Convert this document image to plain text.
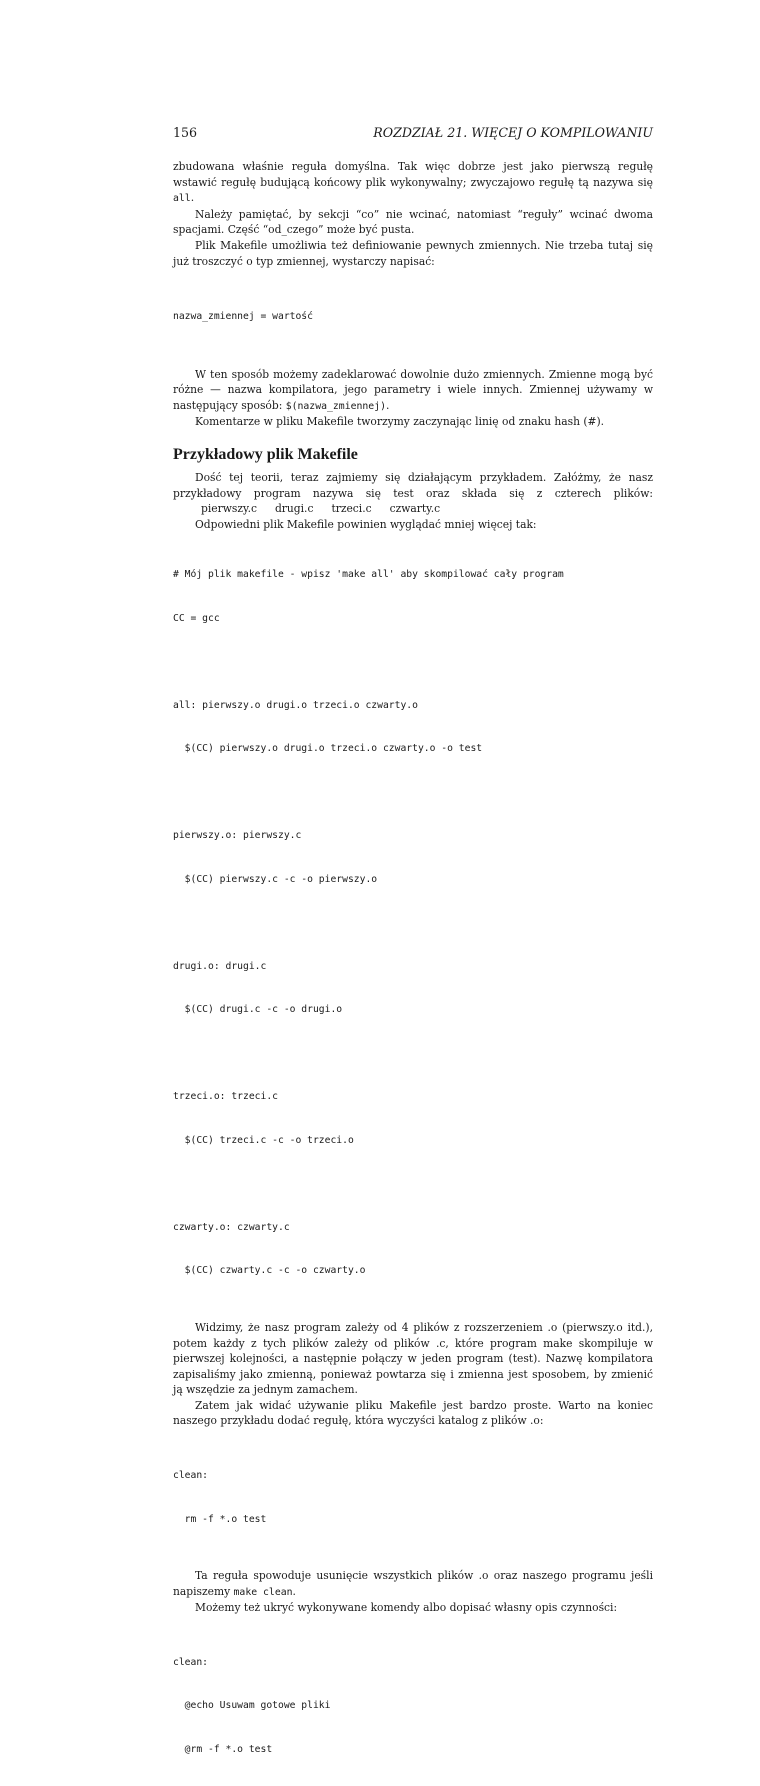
156	ROZDZIAŁ 21. WIĘCEJ O KOMPILOWANIU

zbudowana właśnie reguła domyślna. Tak więc dobrze jest jako pierwszą regułę wstawić regułę budującą końcowy plik wykonywalny; zwyczajowo regułę tą nazywa się all.

Należy pamiętać, by sekcji “co” nie wcinać, natomiast “reguły” wcinać dwoma spacjami. Część “od_czego” może być pusta.

Plik Makefile umożliwia też definiowanie pewnych zmiennych. Nie trzeba tutaj się już troszczyć o typ zmiennej, wystarczy napisać:

nazwa_zmiennej = wartość

W ten sposób możemy zadeklarować dowolnie dużo zmiennych. Zmienne mogą być różne — nazwa kompilatora, jego parametry i wiele innych. Zmiennej używamy w następujący sposób: $(nazwa_zmiennej).

Komentarze w pliku Makefile tworzymy zaczynając linię od znaku hash (#).

Przykładowy plik Makefile

Dość tej teorii, teraz zajmiemy się działającym przykładem. Załóżmy, że nasz przykładowy program nazywa się test oraz składa się z czterech plików: pierwszy.c drugi.c trzeci.c czwarty.c

Odpowiedni plik Makefile powinien wyglądać mniej więcej tak:

# Mój plik makefile - wpisz 'make all' aby skompilować cały program

CC = gcc

all: pierwszy.o drugi.o trzeci.o czwarty.o

$(CC) pierwszy.o drugi.o trzeci.o czwarty.o -o test

pierwszy.o: pierwszy.c

$(CC) pierwszy.c -c -o pierwszy.o

drugi.o: drugi.c

$(CC) drugi.c -c -o drugi.o

trzeci.o: trzeci.c

$(CC) trzeci.c -c -o trzeci.o

czwarty.o: czwarty.c

$(CC) czwarty.c -c -o czwarty.o

Widzimy, że nasz program zależy od 4 plików z rozszerzeniem .o (pierwszy.o itd.), potem każdy z tych plików zależy od plików .c, które program make skompiluje w pierwszej kolejności, a następnie połączy w jeden program (test). Nazwę kompilatora zapisaliśmy jako zmienną, ponieważ powtarza się i zmienna jest sposobem, by zmienić ją wszędzie za jednym zamachem.

Zatem jak widać używanie pliku Makefile jest bardzo proste. Warto na koniec naszego przykładu dodać regułę, która wyczyści katalog z plików .o:

clean:

rm -f *.o test

Ta reguła spowoduje usunięcie wszystkich plików .o oraz naszego programu jeśli napiszemy make clean.

Możemy też ukryć wykonywane komendy albo dopisać własny opis czynności:

clean:

@echo Usuwam gotowe pliki

@rm -f *.o test
